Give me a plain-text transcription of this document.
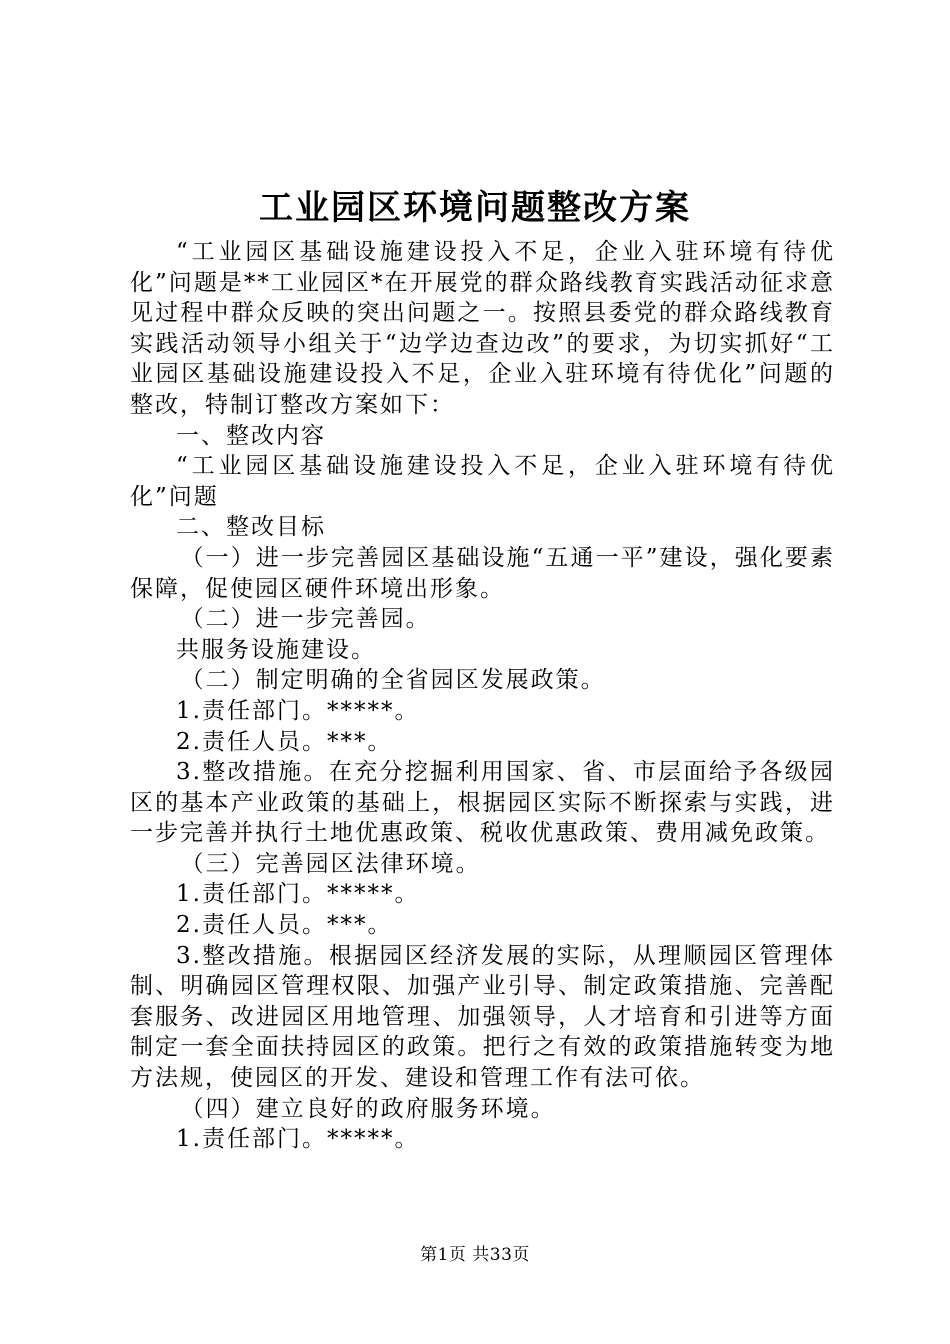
工业园区环境问题整改方案

“工业园区基础设施建设投入不足，企业入驻环境有待优化”问题是**工业园区*在开展党的群众路线教育实践活动征求意见过程中群众反映的突出问题之一。按照县委党的群众路线教育实践活动领导小组关于“边学边查边改”的要求，为切实抓好“工业园区基础设施建设投入不足，企业入驻环境有待优化”问题的整改，特制订整改方案如下：

一、整改内容

“工业园区基础设施建设投入不足，企业入驻环境有待优化”问题

二、整改目标

（一）进一步完善园区基础设施“五通一平”建设，强化要素保障，促使园区硬件环境出形象。

（二）进一步完善园。

共服务设施建设。

（二）制定明确的全省园区发展政策。

1.责任部门。*****。

2.责任人员。***。

3.整改措施。在充分挖掘利用国家、省、市层面给予各级园区的基本产业政策的基础上，根据园区实际不断探索与实践，进一步完善并执行土地优惠政策、税收优惠政策、费用减免政策。

（三）完善园区法律环境。

1.责任部门。*****。

2.责任人员。***。

3.整改措施。根据园区经济发展的实际，从理顺园区管理体制、明确园区管理权限、加强产业引导、制定政策措施、完善配套服务、改进园区用地管理、加强领导，人才培育和引进等方面制定一套全面扶持园区的政策。把行之有效的政策措施转变为地方法规，使园区的开发、建设和管理工作有法可依。

（四）建立良好的政府服务环境。

1.责任部门。*****。

第1页 共33页
